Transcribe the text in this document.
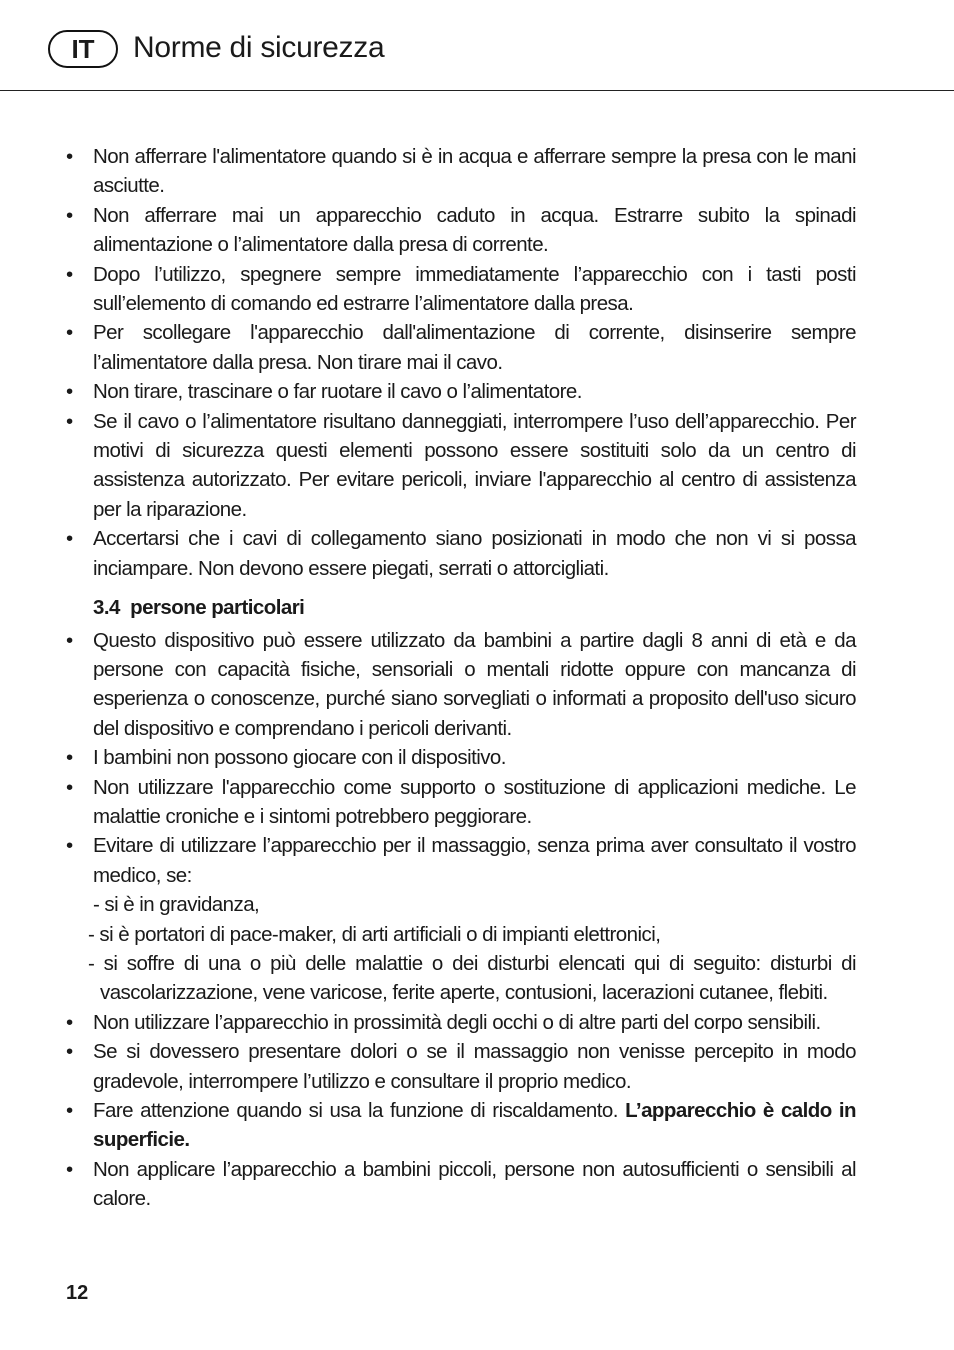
IT	Norme di sicurezza
• Non afferrare l'alimentatore quando si è in acqua e afferrare sempre la presa con le mani asciutte.
• Non afferrare mai un apparecchio caduto in acqua. Estrarre subito la spinadi alimentazione o l’alimentatore dalla presa di corrente.
• Dopo l’utilizzo, spegnere sempre immediatamente l’apparecchio con i tasti posti sull’elemento di comando ed estrarre l’alimentatore dalla presa.
• Per scollegare l'apparecchio dall'alimentazione di corrente, disinserire sempre l’alimentatore dalla presa. Non tirare mai il cavo.
• Non tirare, trascinare o far ruotare il cavo o l’alimentatore.
• Se il cavo o l’alimentatore risultano danneggiati, interrompere l’uso dell’apparecchio. Per motivi di sicurezza questi elementi possono essere sostituiti solo da un centro di assistenza autorizzato. Per evitare pericoli, inviare l'apparecchio al centro di assistenza per la riparazione.
• Accertarsi che i cavi di collegamento siano posizionati in modo che non vi si possa inciampare. Non devono essere piegati, serrati o attorcigliati.
3.4 persone particolari
• Questo dispositivo può essere utilizzato da bambini a partire dagli 8 anni di età e da persone con capacità fisiche, sensoriali o mentali ridotte oppure con mancanza di esperienza o conoscenze, purché siano sorvegliati o informati a proposito dell'uso sicuro del dispositivo e comprendano i pericoli derivanti.
• I bambini non possono giocare con il dispositivo.
• Non utilizzare l'apparecchio come supporto o sostituzione di applicazioni mediche. Le malattie croniche e i sintomi potrebbero peggiorare.
• Evitare di utilizzare l’apparecchio per il massaggio, senza prima aver consultato il vostro medico, se:
- si è in gravidanza,
- si è portatori di pace-maker, di arti artificiali o di impianti elettronici,
- si soffre di una o più delle malattie o dei disturbi elencati qui di seguito: disturbi di vascolarizzazione, vene varicose, ferite aperte, contusioni, lacerazioni cutanee, flebiti.
• Non utilizzare l’apparecchio in prossimità degli occhi o di altre parti del corpo sensibili.
• Se si dovessero presentare dolori o se il massaggio non venisse percepito in modo gradevole, interrompere l’utilizzo e consultare il proprio medico.
• Fare attenzione quando si usa la funzione di riscaldamento. L’apparecchio è caldo in superficie.
• Non applicare l’apparecchio a bambini piccoli, persone non autosufficienti o sensibili al calore.
12
